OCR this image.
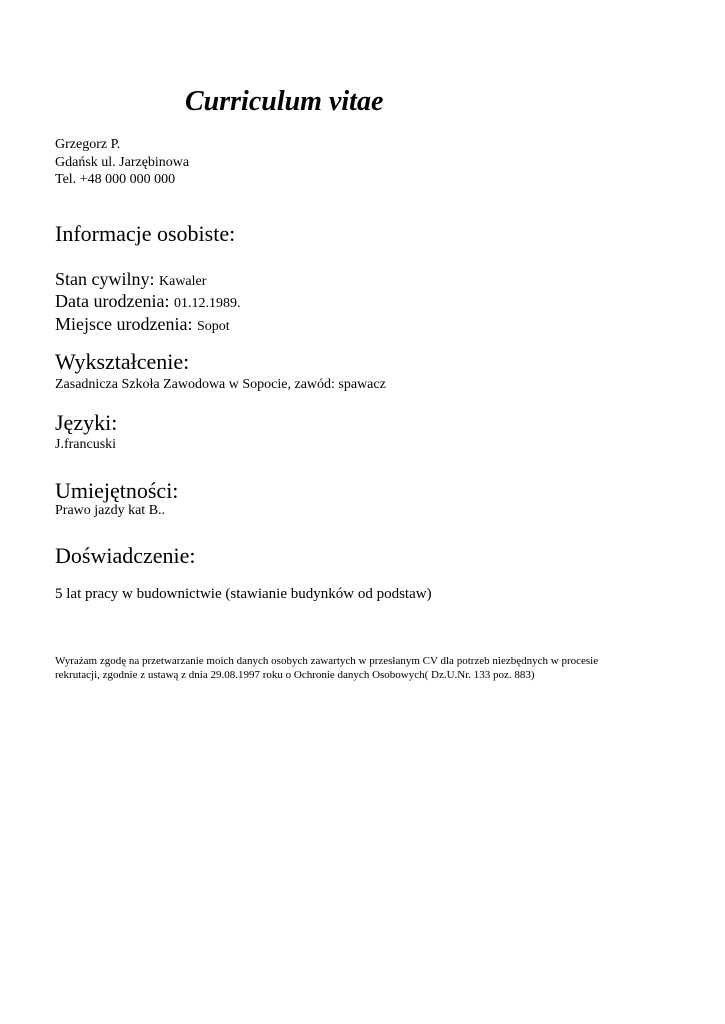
Curriculum vitae
Grzegorz P.
Gdańsk ul. Jarzębinowa
Tel. +48 000 000 000
Informacje osobiste:
Stan cywilny: Kawaler
Data urodzenia: 01.12.1989.
Miejsce urodzenia: Sopot
Wykształcenie:
Zasadnicza Szkoła Zawodowa w Sopocie, zawód: spawacz
Języki:
J.francuski
Umiejętności:
Prawo jazdy kat B..
Doświadczenie:
5 lat pracy w budownictwie (stawianie budynków od podstaw)
Wyrażam zgodę na przetwarzanie moich danych osobych zawartych w przesłanym CV dla potrzeb niezbędnych w procesie
rekrutacji, zgodnie z ustawą z dnia 29.08.1997 roku o Ochronie danych Osobowych( Dz.U.Nr. 133 poz. 883)
